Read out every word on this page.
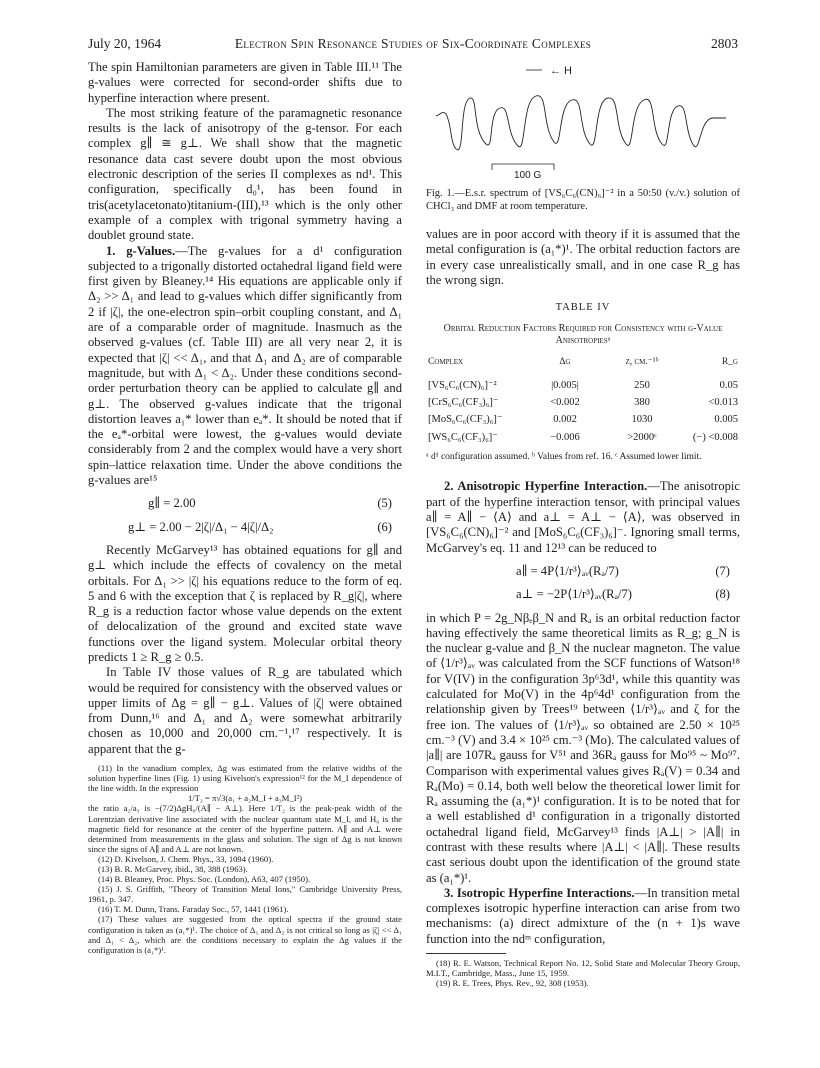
July 20, 1964	Electron Spin Resonance Studies of Six-Coordinate Complexes	2803

The spin Hamiltonian parameters are given in Table III.¹¹ The g-values were corrected for second-order shifts due to hyperfine interaction where present.

The most striking feature of the paramagnetic resonance results is the lack of anisotropy of the g-tensor. For each complex g∥ ≅ g⊥. We shall show that the magnetic resonance data cast severe doubt upon the most obvious electronic description of the series II complexes as nd¹. This configuration, specifically d₀¹, has been found in tris(acetylacetonato)titanium-(III),¹³ which is the only other example of a complex with trigonal symmetry having a doublet ground state.

1. g-Values.—The g-values for a d¹ configuration subjected to a trigonally distorted octahedral ligand field were first given by Bleaney.¹⁴ His equations are applicable only if Δ₂ >> Δ₁ and lead to g-values which differ significantly from 2 if |ζ|, the one-electron spin–orbit coupling constant, and Δ₁ are of a comparable order of magnitude. Inasmuch as the observed g-values (cf. Table III) are all very near 2, it is expected that |ζ| << Δ₁, and that Δ₁ and Δ₂ are of comparable magnitude, but with Δ₁ < Δ₂. Under these conditions second-order perturbation theory can be applied to calculate g∥ and g⊥. The observed g-values indicate that the trigonal distortion leaves a₁* lower than eₐ*. It should be noted that if the eₐ*-orbital were lowest, the g-values would deviate considerably from 2 and the complex would have a very short spin–lattice relaxation time. Under the above conditions the g-values are¹⁵

g∥ = 2.00	(5)
g⊥ = 2.00 − 2|ζ|/Δ₁ − 4|ζ|/Δ₂	(6)

Recently McGarvey¹³ has obtained equations for g∥ and g⊥ which include the effects of covalency on the metal orbitals. For Δ₁ >> |ζ| his equations reduce to the form of eq. 5 and 6 with the exception that ζ is replaced by R_g|ζ|, where R_g is a reduction factor whose value depends on the extent of delocalization of the ground and excited state wave functions over the ligand system. Molecular orbital theory predicts 1 ≥ R_g ≥ 0.5.

In Table IV those values of R_g are tabulated which would be required for consistency with the observed values or upper limits of Δg = g∥ − g⊥. Values of |ζ| were obtained from Dunn,¹⁶ and Δ₁ and Δ₂ were somewhat arbitrarily chosen as 10,000 and 20,000 cm.⁻¹,¹⁷ respectively. It is apparent that the g-

(11) In the vanadium complex, Δg was estimated from the relative widths of the solution hyperfine lines (Fig. 1) using Kivelson's expression¹² for the M_I dependence of the line width. In the expression

1/T₂ = π√3(a₁ + a₂M_I + a₃M_I²)

the ratio a₂/a₃ is −(7/2)ΔgH₀/(A∥ − A⊥). Here 1/T₂ is the peak-peak width of the Lorentzian derivative line associated with the nuclear quantum state M_I, and H₀ is the magnetic field for resonance at the center of the hyperfine pattern. A∥ and A⊥ were determined from measurements in the glass and solution. The sign of Δg is not known since the signs of A∥ and A⊥ are not known.

(12) D. Kivelson, J. Chem. Phys., 33, 1094 (1960).

(13) B. R. McGarvey, ibid., 38, 388 (1963).

(14) B. Bleaney, Proc. Phys. Soc. (London), A63, 407 (1950).

(15) J. S. Griffith, "Theory of Transition Metal Ions," Cambridge University Press, 1961, p. 347.

(16) T. M. Dunn, Trans. Faraday Soc., 57, 1441 (1961).

(17) These values are suggested from the optical spectra if the ground state configuration is taken as (a₁*)¹. The choice of Δ₁ and Δ₂ is not critical so long as |ζ| << Δ₁ and Δ₁ < Δ₂, which are the conditions necessary to explain the Δg values if the configuration is (a₁*)¹.

← H
100 G

Fig. 1.—E.s.r. spectrum of [VS₆C₆(CN)₆]⁻² in a 50:50 (v./v.) solution of CHCl₃ and DMF at room temperature.

values are in poor accord with theory if it is assumed that the metal configuration is (a₁*)¹. The orbital reduction factors are in every case unrealistically small, and in one case R_g has the wrong sign.

TABLE IV
Orbital Reduction Factors Required for Consistency with g-Value Anisotropiesᵃ
Complex	Δg	ζ, cm.⁻¹ᵇ	R_g
[VS₆C₆(CN)₆]⁻²	|0.005|	250	0.05
[CrS₆C₆(CF₃)₆]⁻	<0.002	380	<0.013
[MoS₆C₆(CF₃)₆]⁻	0.002	1030	0.005
[WS₆C₆(CF₃)₆]⁻	−0.006	>2000ᶜ	(−) <0.008

ᵃ d¹ configuration assumed. ᵇ Values from ref. 16. ᶜ Assumed lower limit.

2. Anisotropic Hyperfine Interaction.—The anisotropic part of the hyperfine interaction tensor, with principal values a∥ = A∥ − ⟨A⟩ and a⊥ = A⊥ − ⟨A⟩, was observed in [VS₆C₆(CN)₆]⁻² and [MoS₆C₆(CF₃)₆]⁻. Ignoring small terms, McGarvey's eq. 11 and 12¹³ can be reduced to

a∥ = 4P⟨1/r³⟩ₐᵥ(Rₐ/7)	(7)
a⊥ = −2P⟨1/r³⟩ₐᵥ(Rₐ/7)	(8)

in which P = 2g_Nβₑβ_N and Rₐ is an orbital reduction factor having effectively the same theoretical limits as R_g; g_N is the nuclear g-value and β_N the nuclear magneton. The value of ⟨1/r³⟩ₐᵥ was calculated from the SCF functions of Watson¹⁸ for V(IV) in the configuration 3p⁶3d¹, while this quantity was calculated for Mo(V) in the 4p⁶4d¹ configuration from the relationship given by Trees¹⁹ between ⟨1/r³⟩ₐᵥ and ζ for the free ion. The values of ⟨1/r³⟩ₐᵥ so obtained are 2.50 × 10²⁵ cm.⁻³ (V) and 3.4 × 10²⁵ cm.⁻³ (Mo). The calculated values of |a∥| are 107Rₐ gauss for V⁵¹ and 36Rₐ gauss for Mo⁹⁵ ~ Mo⁹⁷. Comparison with experimental values gives Rₐ(V) = 0.34 and Rₐ(Mo) = 0.14, both well below the theoretical lower limit for Rₐ assuming the (a₁*)¹ configuration. It is to be noted that for a well established d¹ configuration in a trigonally distorted octahedral ligand field, McGarvey¹³ finds |A⊥| > |A∥| in contrast with these results where |A⊥| < |A∥|. These results cast serious doubt upon the identification of the ground state as (a₁*)¹.

3. Isotropic Hyperfine Interactions.—In transition metal complexes isotropic hyperfine interaction can arise from two mechanisms: (a) direct admixture of the (n + 1)s wave function into the ndᵐ configuration,

(18) R. E. Watson, Technical Report No. 12, Solid State and Molecular Theory Group, M.I.T., Cambridge, Mass., June 15, 1959.

(19) R. E. Trees, Phys. Rev., 92, 308 (1953).
